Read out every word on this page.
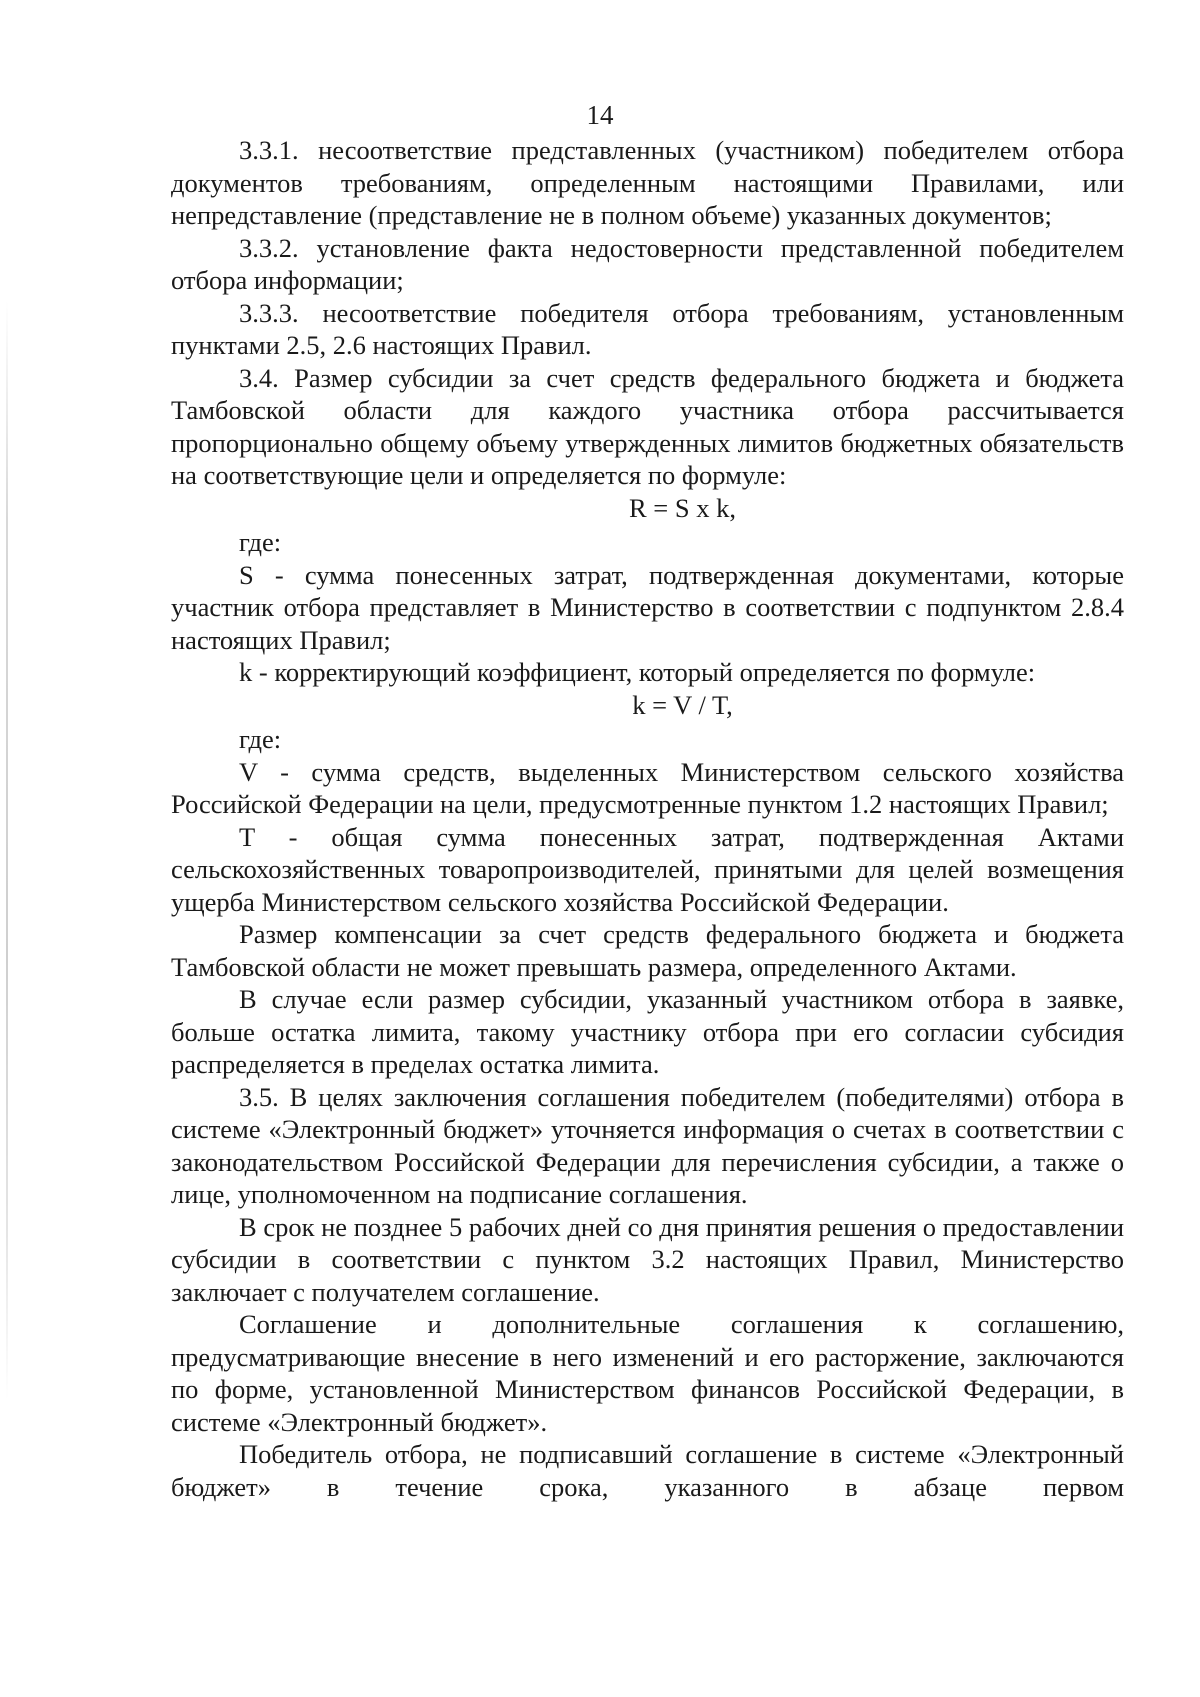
14

3.3.1. несоответствие представленных (участником) победителем отбора документов требованиям, определенным настоящими Правилами, или непредставление (представление не в полном объеме) указанных документов;

3.3.2. установление факта недостоверности представленной победителем отбора информации;

3.3.3. несоответствие победителя отбора требованиям, установленным пунктами 2.5, 2.6 настоящих Правил.

3.4. Размер субсидии за счет средств федерального бюджета и бюджета Тамбовской области для каждого участника отбора рассчитывается пропорционально общему объему утвержденных лимитов бюджетных обязательств на соответствующие цели и определяется по формуле:

R = S x k,

где:

S - сумма понесенных затрат, подтвержденная документами, которые участник отбора представляет в Министерство в соответствии с подпунктом 2.8.4 настоящих Правил;

k - корректирующий коэффициент, который определяется по формуле:

k = V / T,

где:

V - сумма средств, выделенных Министерством сельского хозяйства Российской Федерации на цели, предусмотренные пунктом 1.2 настоящих Правил;

T - общая сумма понесенных затрат, подтвержденная Актами сельскохозяйственных товаропроизводителей, принятыми для целей возмещения ущерба Министерством сельского хозяйства Российской Федерации.

Размер компенсации за счет средств федерального бюджета и бюджета Тамбовской области не может превышать размера, определенного Актами.

В случае если размер субсидии, указанный участником отбора в заявке, больше остатка лимита, такому участнику отбора при его согласии субсидия распределяется в пределах остатка лимита.

3.5. В целях заключения соглашения победителем (победителями) отбора в системе «Электронный бюджет» уточняется информация о счетах в соответствии с законодательством Российской Федерации для перечисления субсидии, а также о лице, уполномоченном на подписание соглашения.

В срок не позднее 5 рабочих дней со дня принятия решения о предоставлении субсидии в соответствии с пунктом 3.2 настоящих Правил, Министерство заключает с получателем соглашение.

Соглашение и дополнительные соглашения к соглашению, предусматривающие внесение в него изменений и его расторжение, заключаются по форме, установленной Министерством финансов Российской Федерации, в системе «Электронный бюджет».

Победитель отбора, не подписавший соглашение в системе «Электронный бюджет» в течение срока, указанного в абзаце первом
